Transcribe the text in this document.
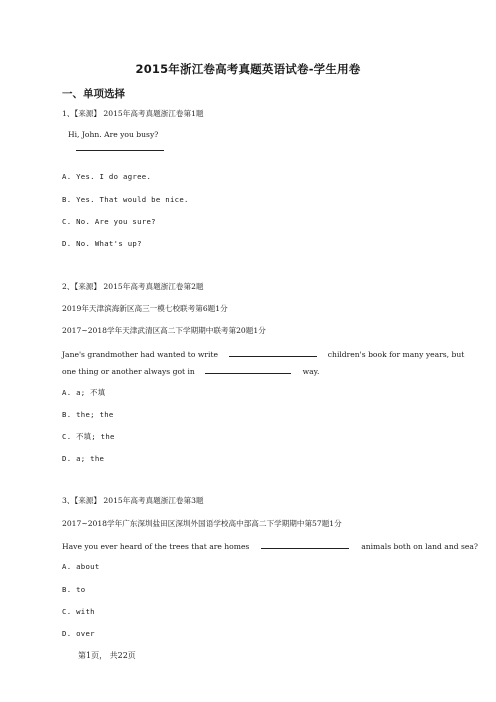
2015年浙江卷高考真题英语试卷-学生用卷
一、单项选择
1、【来源】 2015年高考真题浙江卷第1题
Hi, John. Are you busy?
A. Yes. I do agree.
B. Yes. That would be nice.
C. No. Are you sure?
D. No. What's up?
2、【来源】 2015年高考真题浙江卷第2题
2019年天津滨海新区高三一模七校联考第6题1分
2017~2018学年天津武清区高二下学期期中联考第20题1分
Jane's grandmother had wanted to write	children's book for many years, but
one thing or another always got in	way.
A. a; 不填
B. the; the
C. 不填; the
D. a; the
3、【来源】 2015年高考真题浙江卷第3题
2017~2018学年广东深圳盐田区深圳外国语学校高中部高二下学期期中第57题1分
Have you ever heard of the trees that are homes	animals both on land and sea?
A. about
B. to
C. with
D. over
第1页， 共22页
